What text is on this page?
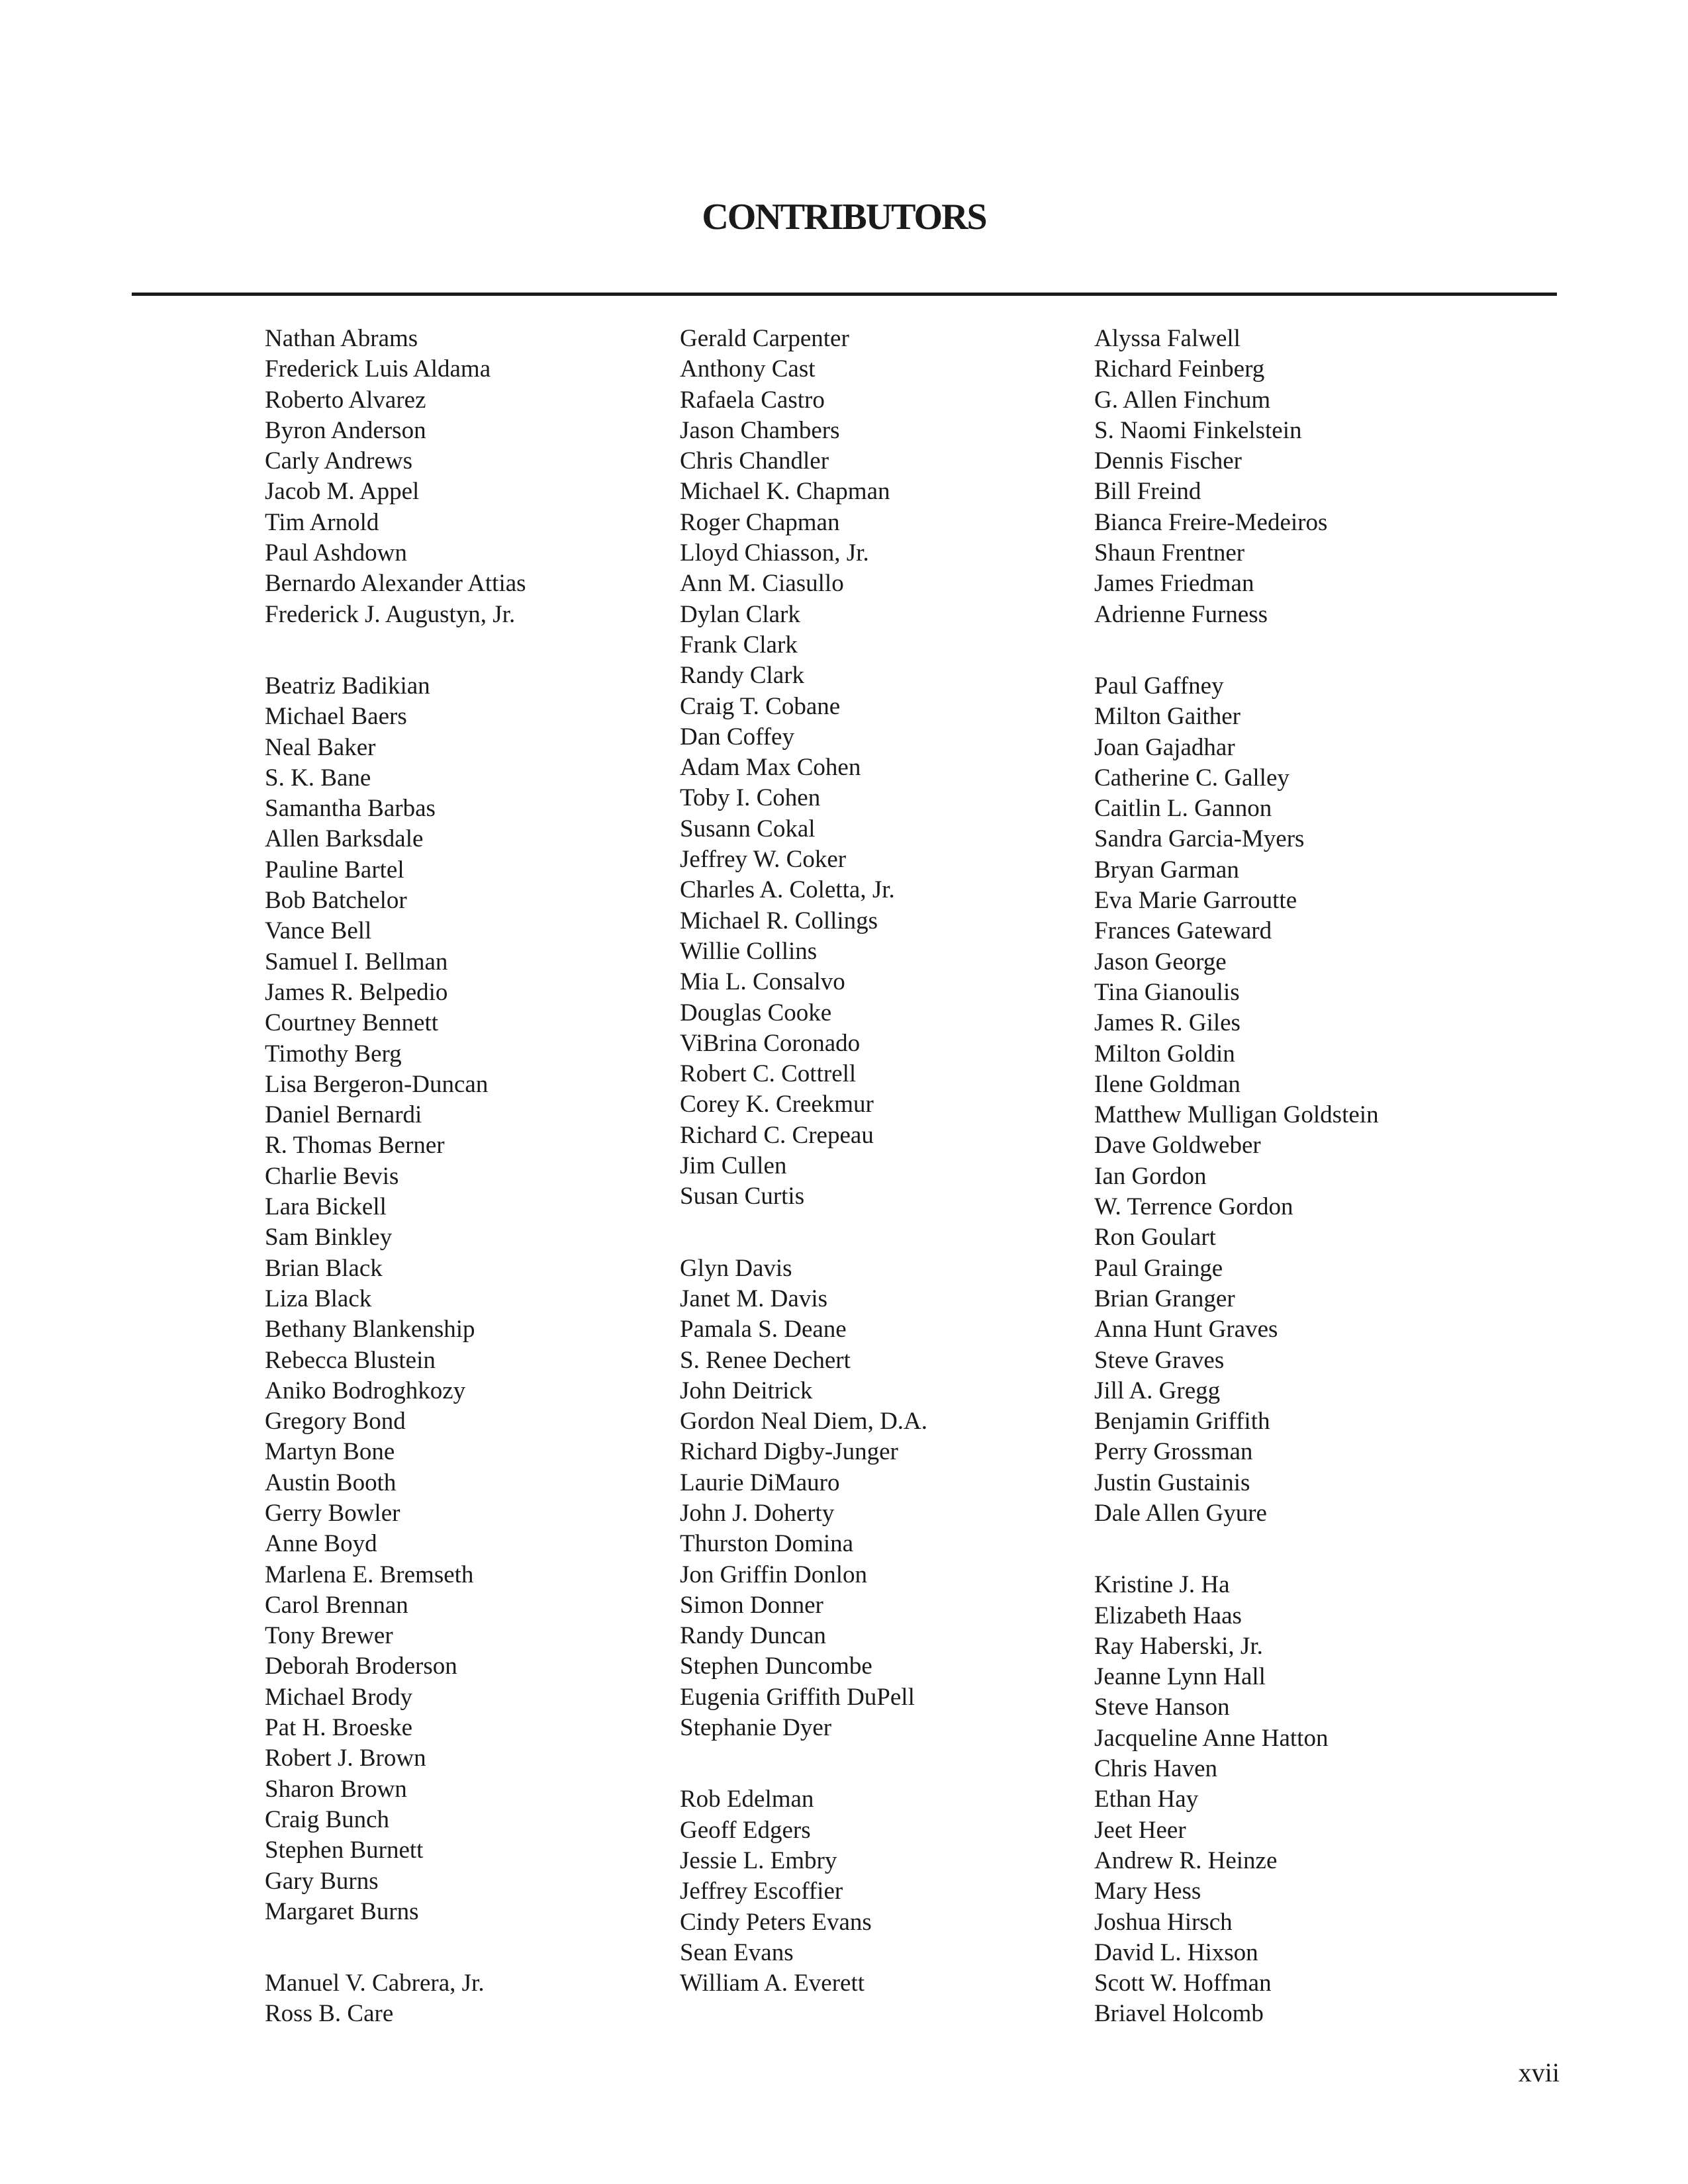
CONTRIBUTORS
Nathan Abrams
Frederick Luis Aldama
Roberto Alvarez
Byron Anderson
Carly Andrews
Jacob M. Appel
Tim Arnold
Paul Ashdown
Bernardo Alexander Attias
Frederick J. Augustyn, Jr.
Beatriz Badikian
Michael Baers
Neal Baker
S. K. Bane
Samantha Barbas
Allen Barksdale
Pauline Bartel
Bob Batchelor
Vance Bell
Samuel I. Bellman
James R. Belpedio
Courtney Bennett
Timothy Berg
Lisa Bergeron-Duncan
Daniel Bernardi
R. Thomas Berner
Charlie Bevis
Lara Bickell
Sam Binkley
Brian Black
Liza Black
Bethany Blankenship
Rebecca Blustein
Aniko Bodroghkozy
Gregory Bond
Martyn Bone
Austin Booth
Gerry Bowler
Anne Boyd
Marlena E. Bremseth
Carol Brennan
Tony Brewer
Deborah Broderson
Michael Brody
Pat H. Broeske
Robert J. Brown
Sharon Brown
Craig Bunch
Stephen Burnett
Gary Burns
Margaret Burns
Manuel V. Cabrera, Jr.
Ross B. Care
Gerald Carpenter
Anthony Cast
Rafaela Castro
Jason Chambers
Chris Chandler
Michael K. Chapman
Roger Chapman
Lloyd Chiasson, Jr.
Ann M. Ciasullo
Dylan Clark
Frank Clark
Randy Clark
Craig T. Cobane
Dan Coffey
Adam Max Cohen
Toby I. Cohen
Susann Cokal
Jeffrey W. Coker
Charles A. Coletta, Jr.
Michael R. Collings
Willie Collins
Mia L. Consalvo
Douglas Cooke
ViBrina Coronado
Robert C. Cottrell
Corey K. Creekmur
Richard C. Crepeau
Jim Cullen
Susan Curtis
Glyn Davis
Janet M. Davis
Pamala S. Deane
S. Renee Dechert
John Deitrick
Gordon Neal Diem, D.A.
Richard Digby-Junger
Laurie DiMauro
John J. Doherty
Thurston Domina
Jon Griffin Donlon
Simon Donner
Randy Duncan
Stephen Duncombe
Eugenia Griffith DuPell
Stephanie Dyer
Rob Edelman
Geoff Edgers
Jessie L. Embry
Jeffrey Escoffier
Cindy Peters Evans
Sean Evans
William A. Everett
Alyssa Falwell
Richard Feinberg
G. Allen Finchum
S. Naomi Finkelstein
Dennis Fischer
Bill Freind
Bianca Freire-Medeiros
Shaun Frentner
James Friedman
Adrienne Furness
Paul Gaffney
Milton Gaither
Joan Gajadhar
Catherine C. Galley
Caitlin L. Gannon
Sandra Garcia-Myers
Bryan Garman
Eva Marie Garroutte
Frances Gateward
Jason George
Tina Gianoulis
James R. Giles
Milton Goldin
Ilene Goldman
Matthew Mulligan Goldstein
Dave Goldweber
Ian Gordon
W. Terrence Gordon
Ron Goulart
Paul Grainge
Brian Granger
Anna Hunt Graves
Steve Graves
Jill A. Gregg
Benjamin Griffith
Perry Grossman
Justin Gustainis
Dale Allen Gyure
Kristine J. Ha
Elizabeth Haas
Ray Haberski, Jr.
Jeanne Lynn Hall
Steve Hanson
Jacqueline Anne Hatton
Chris Haven
Ethan Hay
Jeet Heer
Andrew R. Heinze
Mary Hess
Joshua Hirsch
David L. Hixson
Scott W. Hoffman
Briavel Holcomb
xvii
